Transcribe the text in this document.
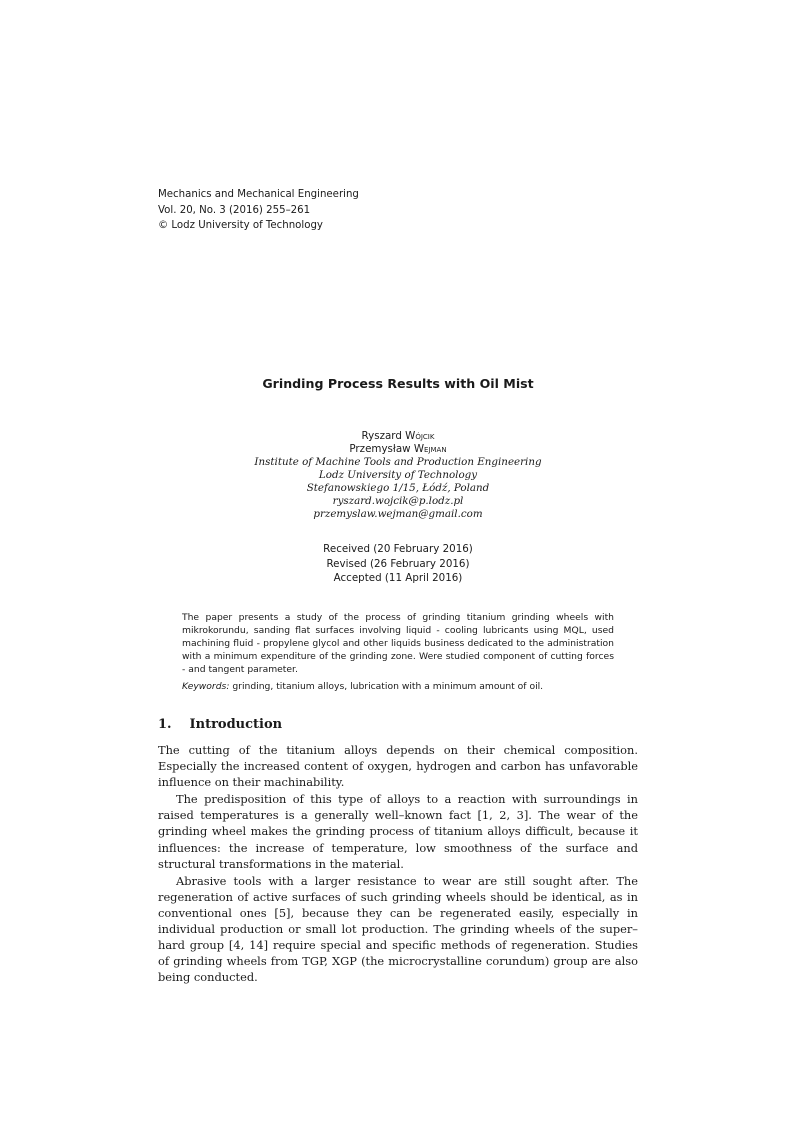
Mechanics and Mechanical Engineering
Vol. 20, No. 3 (2016) 255–261
© Lodz University of Technology
Grinding Process Results with Oil Mist
Ryszard Wójcik
Przemysław Wejman
Institute of Machine Tools and Production Engineering
Lodz University of Technology
Stefanowskiego 1/15, Łódź, Poland
ryszard.wojcik@p.lodz.pl
przemyslaw.wejman@gmail.com
Received (20 February 2016)
Revised (26 February 2016)
Accepted (11 April 2016)

The paper presents a study of the process of grinding titanium grinding wheels with mikrokorundu, sanding flat surfaces involving liquid - cooling lubricants using MQL, used machining fluid - propylene glycol and other liquids business dedicated to the administration with a minimum expenditure of the grinding zone. Were studied component of cutting forces - and tangent parameter.

Keywords: grinding, titanium alloys, lubrication with a minimum amount of oil.

1. Introduction

The cutting of the titanium alloys depends on their chemical composition. Especially the increased content of oxygen, hydrogen and carbon has unfavorable influence on their machinability.

The predisposition of this type of alloys to a reaction with surroundings in raised temperatures is a generally well–known fact [1, 2, 3]. The wear of the grinding wheel makes the grinding process of titanium alloys difficult, because it influences: the increase of temperature, low smoothness of the surface and structural transformations in the material.

Abrasive tools with a larger resistance to wear are still sought after. The regeneration of active surfaces of such grinding wheels should be identical, as in conventional ones [5], because they can be regenerated easily, especially in individual production or small lot production. The grinding wheels of the super–hard group [4, 14] require special and specific methods of regeneration. Studies of grinding wheels from TGP, XGP (the microcrystalline corundum) group are also being conducted.
